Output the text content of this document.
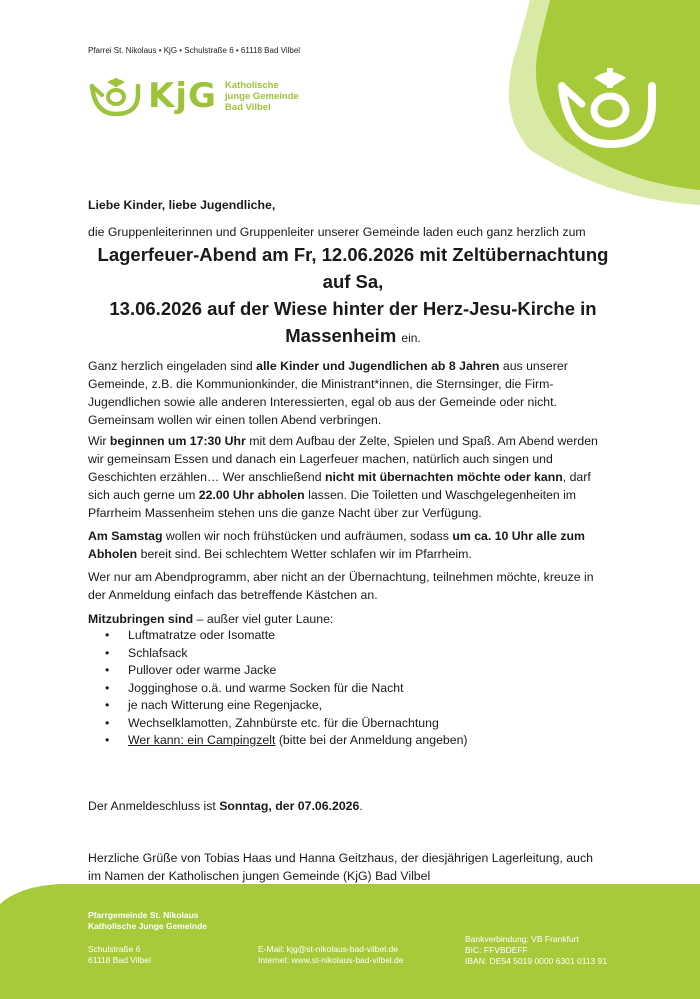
Pfarrei St. Nikolaus • KjG • Schulstraße 6 • 61118 Bad Vilbel
KjG Katholische
junge Gemeinde
Bad Vilbel

Liebe Kinder, liebe Jugendliche,

die Gruppenleiterinnen und Gruppenleiter unserer Gemeinde laden euch ganz herzlich zum

Lagerfeuer-Abend am Fr, 12.06.2026 mit Zeltübernachtung auf Sa,
13.06.2026 auf der Wiese hinter der Herz-Jesu-Kirche in
Massenheim ein.

Ganz herzlich eingeladen sind alle Kinder und Jugendlichen ab 8 Jahren aus unserer Gemeinde, z.B. die Kommunionkinder, die Ministrant*innen, die Sternsinger, die Firm-Jugendlichen sowie alle anderen Interessierten, egal ob aus der Gemeinde oder nicht. Gemeinsam wollen wir einen tollen Abend verbringen.

Wir beginnen um 17:30 Uhr mit dem Aufbau der Zelte, Spielen und Spaß. Am Abend werden wir gemeinsam Essen und danach ein Lagerfeuer machen, natürlich auch singen und Geschichten erzählen… Wer anschließend nicht mit übernachten möchte oder kann, darf sich auch gerne um 22.00 Uhr abholen lassen. Die Toiletten und Waschgelegenheiten im Pfarrheim Massenheim stehen uns die ganze Nacht über zur Verfügung.

Am Samstag wollen wir noch frühstücken und aufräumen, sodass um ca. 10 Uhr alle zum Abholen bereit sind. Bei schlechtem Wetter schlafen wir im Pfarrheim.

Wer nur am Abendprogramm, aber nicht an der Übernachtung, teilnehmen möchte, kreuze in der Anmeldung einfach das betreffende Kästchen an.

Mitzubringen sind – außer viel guter Laune:

• Luftmatratze oder Isomatte
• Schlafsack
• Pullover oder warme Jacke
• Jogginghose o.ä. und warme Socken für die Nacht
• je nach Witterung eine Regenjacke,
• Wechselklamotten, Zahnbürste etc. für die Übernachtung
• Wer kann: ein Campingzelt (bitte bei der Anmeldung angeben)

Der Anmeldeschluss ist Sonntag, der 07.06.2026.

Herzliche Grüße von Tobias Haas und Hanna Geitzhaus, der diesjährigen Lagerleitung, auch im Namen der Katholischen jungen Gemeinde (KjG) Bad Vilbel

Pfarrgemeinde St. Nikolaus
Katholische Junge Gemeinde
Schulstraße 6
61118 Bad Vilbel
E-Mail: kjg@st-nikolaus-bad-vilbel.de
Internet: www.st-nikolaus-bad-vilbel.de
Bankverbindung: VB Frankfurt
BIC: FFVBDEFF
IBAN: DE54 5019 0000 6301 0113 91
